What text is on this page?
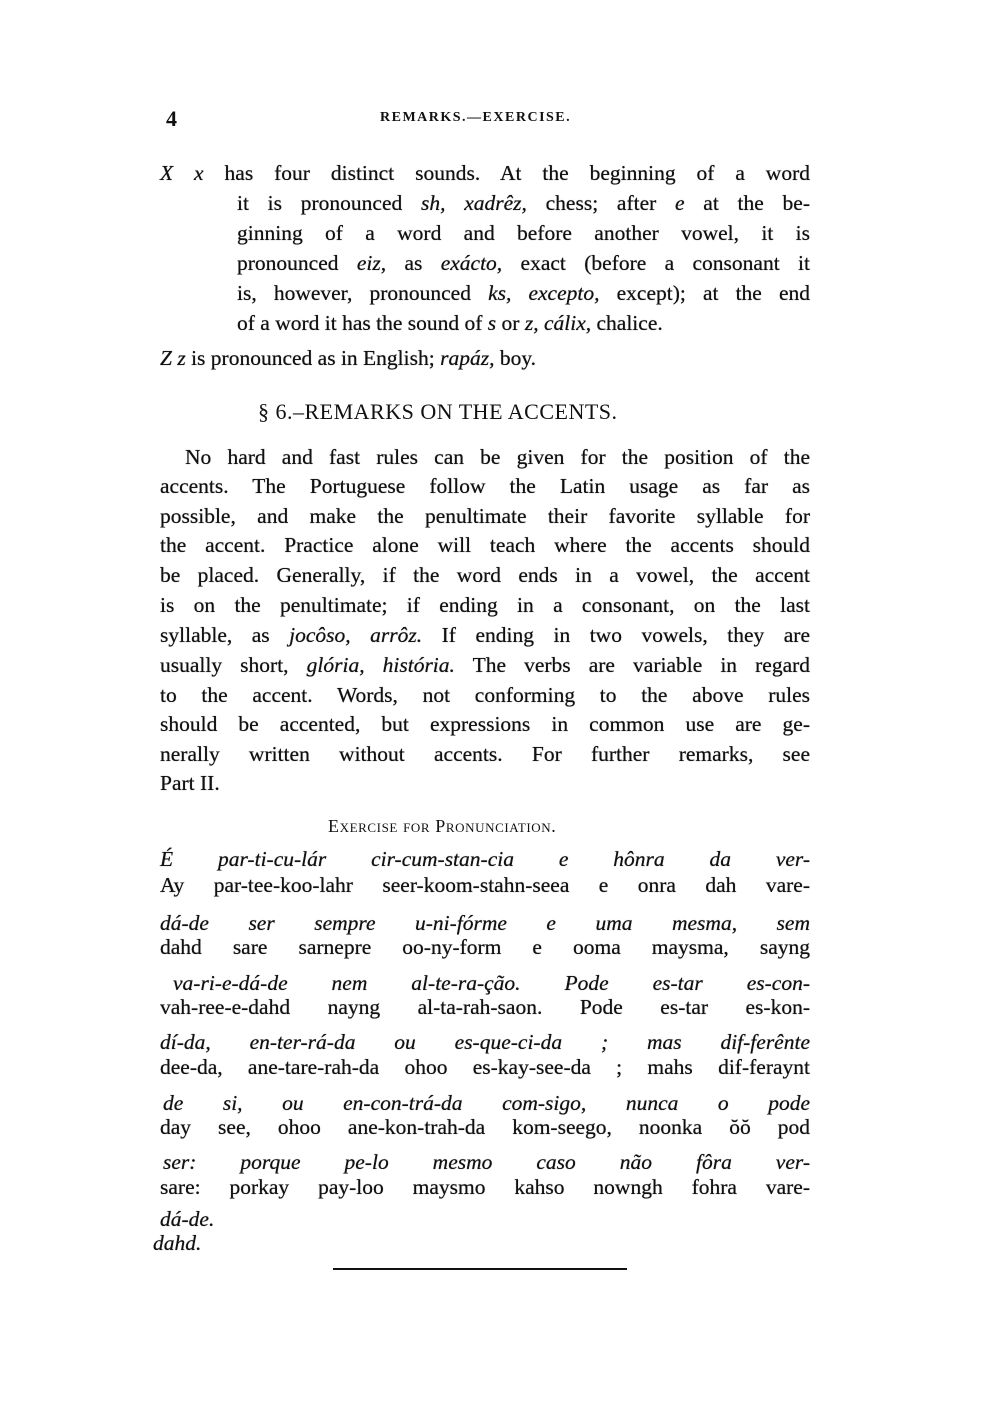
4	REMARKS.—EXERCISE.
§ 6.–REMARKS ON THE ACCENTS.
Exercise for Pronunciation.
X x has four distinct sounds. At the beginning of a word
it is pronounced sh, xadrêz, chess; after e at the be-
ginning of a word and before another vowel, it is
pronounced eiz, as exácto, exact (before a consonant it
is, however, pronounced ks, excepto, except); at the end
of a word it has the sound of s or z, cálix, chalice.
Z z is pronounced as in English; rapáz, boy.
No hard and fast rules can be given for the position of the
accents. The Portuguese follow the Latin usage as far as
possible, and make the penultimate their favorite syllable for
the accent. Practice alone will teach where the accents should
be placed. Generally, if the word ends in a vowel, the accent
is on the penultimate; if ending in a consonant, on the last
syllable, as jocôso, arrôz. If ending in two vowels, they are
usually short, glória, história. The verbs are variable in regard
to the accent. Words, not conforming to the above rules
should be accented, but expressions in common use are ge-
nerally written without accents. For further remarks, see
Part II.
É par-ti-cu-lár cir-cum-stan-cia e hônra da ver-
Ay par-tee-koo-lahr seer-koom-stahn-seea e onra dah vare-
dá-de ser sempre u-ni-fórme e uma mesma, sem
dahd sare sarnepre oo-ny-form e ooma maysma, sayng
va-ri-e-dá-de nem al-te-ra-ção. Pode es-tar es-con-
vah-ree-e-dahd nayng al-ta-rah-saon. Pode es-tar es-kon-
dí-da, en-ter-rá-da ou es-que-ci-da ; mas dif-ferênte
dee-da, ane-tare-rah-da ohoo es-kay-see-da ; mahs dif-feraynt
de si, ou en-con-trá-da com-sigo, nunca o pode
day see, ohoo ane-kon-trah-da kom-seego, noonka ŏŏ pod
ser: porque pe-lo mesmo caso não fôra ver-
sare: porkay pay-loo maysmo kahso nowngh fohra vare-
dá-de.
dahd.
